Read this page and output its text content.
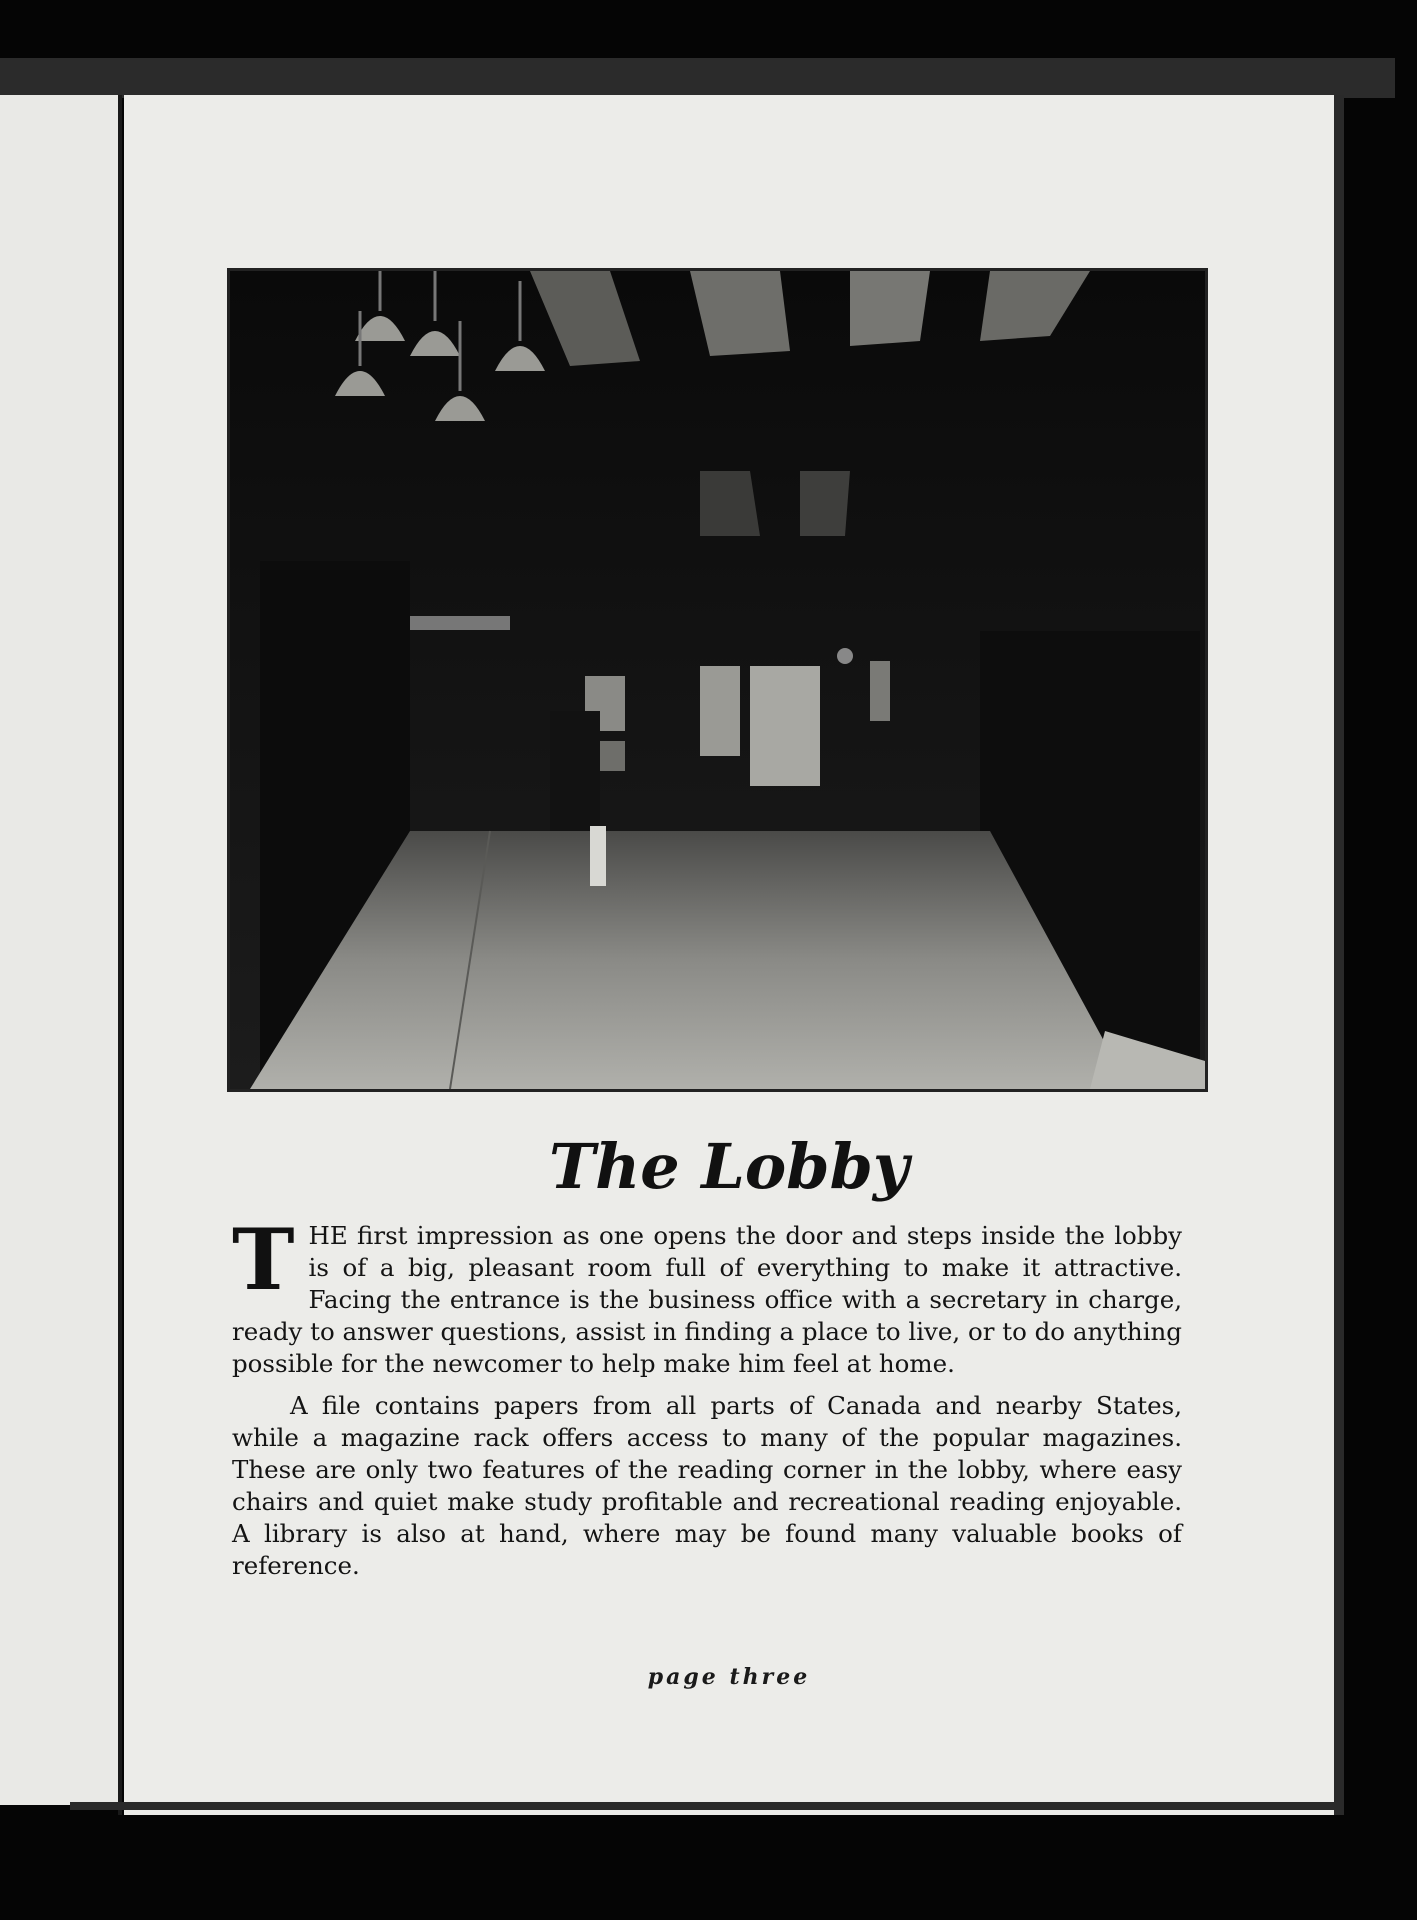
The Lobby

THE first impression as one opens the door and steps inside the lobby is of a big, pleasant room full of everything to make it attractive. Facing the entrance is the business office with a secretary in charge, ready to answer questions, assist in finding a place to live, or to do anything possible for the newcomer to help make him feel at home.

A file contains papers from all parts of Canada and nearby States, while a magazine rack offers access to many of the popular magazines. These are only two features of the reading corner in the lobby, where easy chairs and quiet make study profitable and recreational reading enjoyable. A library is also at hand, where may be found many valuable books of reference.

page three
